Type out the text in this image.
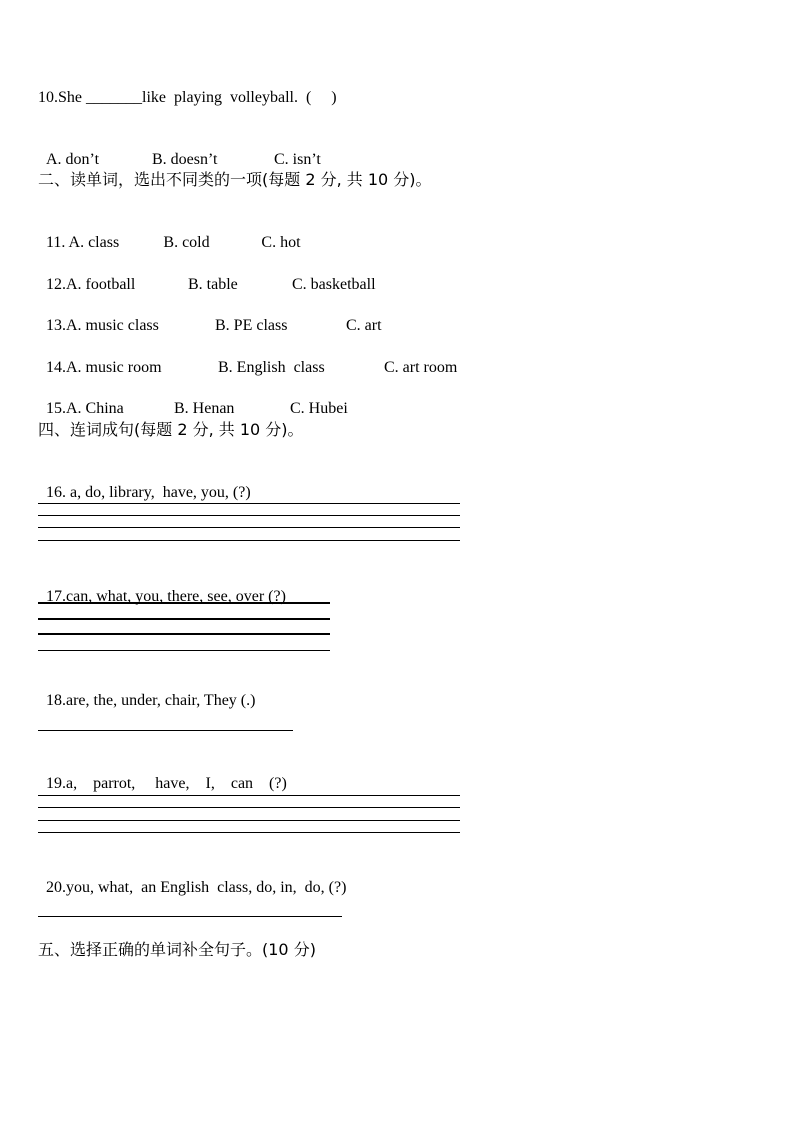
10.She _______like  playing  volleyball.  (     )

A. don’t	B. doesn’t	C. isn’t

二、读单词，选出不同类的一项(每题 2 分, 共 10 分)。

11. A. class	B. cold	C. hot

12.A. football	B. table	C. basketball

13.A. music class	B. PE class	C. art

14.A. music room	B. English  class	C. art room

15.A. China	B. Henan	C. Hubei

四、连词成句(每题 2 分, 共 10 分)。

16. a, do, library,  have, you, (?)

17.can, what, you, there, see, over (?)

18.are, the, under, chair, They (.)

19.a,    parrot,     have,    I,    can    (?)

20.you, what,  an English  class, do, in,  do, (?)

五、选择正确的单词补全句子。(10 分)
